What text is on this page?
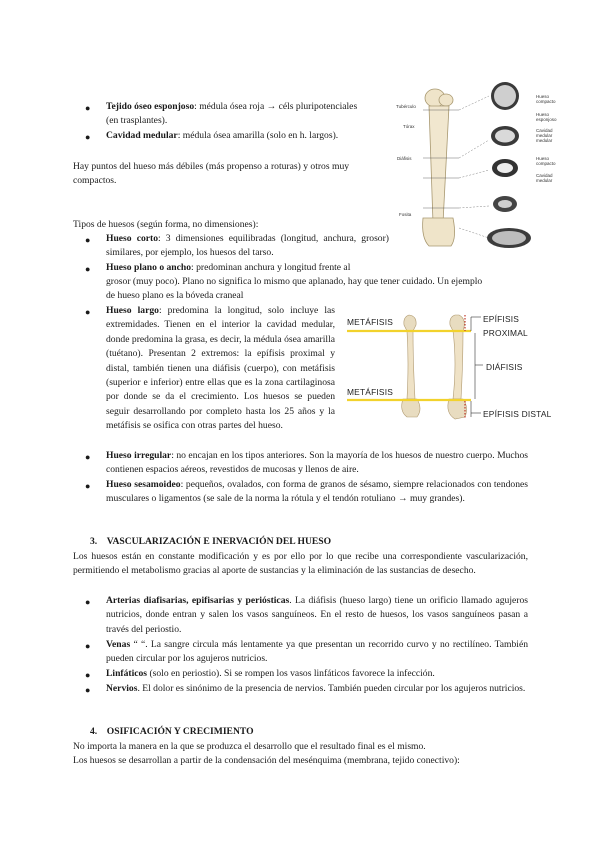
Tubérculo
Tórax
Diáfisis
Fosita
Hueso compacto
Hueso esponjoso
Cavidad medular medular
Hueso compacto
Cavidad medular
METÁFISIS
METÁFISIS
EPÍFISIS PROXIMAL
DIÁFISIS
EPÍFISIS DISTAL
● Tejido óseo esponjoso: médula ósea roja → céls pluripotenciales
(en trasplantes).
● Cavidad medular: médula ósea amarilla (solo en h. largos).
Hay puntos del hueso más débiles (más propenso a roturas) y otros muy compactos.
Tipos de huesos (según forma, no dimensiones):
● Hueso corto: 3 dimensiones equilibradas (longitud, anchura, grosor) similares, por ejemplo, los huesos del tarso.
● Hueso plano o ancho: predominan anchura y longitud frente al
grosor (muy poco). Plano no significa lo mismo que aplanado, hay que tener cuidado. Un ejemplo
de hueso plano es la bóveda craneal
● Hueso largo: predomina la longitud, solo incluye las extremidades. Tienen en el interior la cavidad medular, donde predomina la grasa, es decir, la médula ósea amarilla (tuétano). Presentan 2 extremos: la epífisis proximal y distal, también tienen una diáfisis (cuerpo), con metáfisis (superior e inferior) entre ellas que es la zona cartilaginosa por donde se da el crecimiento. Los huesos se pueden seguir desarrollando por completo hasta los 25 años y la metáfisis se osifica con otras partes del hueso.
● Hueso irregular: no encajan en los tipos anteriores. Son la mayoría de los huesos de nuestro cuerpo. Muchos contienen espacios aéreos, revestidos de mucosas y llenos de aire.
● Hueso sesamoideo: pequeños, ovalados, con forma de granos de sésamo, siempre relacionados con tendones musculares o ligamentos (se sale de la norma la rótula y el tendón rotuliano → muy grandes).
3. VASCULARIZACIÓN E INERVACIÓN DEL HUESO
Los huesos están en constante modificación y es por ello por lo que recibe una correspondiente vascularización, permitiendo el metabolismo gracias al aporte de sustancias y la eliminación de las sustancias de desecho.
● Arterias diafisarias, epifisarias y periósticas. La diáfisis (hueso largo) tiene un orificio llamado agujeros nutricios, donde entran y salen los vasos sanguíneos. En el resto de huesos, los vasos sanguíneos pasan a través del periostio.
● Venas “ “. La sangre circula más lentamente ya que presentan un recorrido curvo y no rectilíneo. También pueden circular por los agujeros nutricios.
● Linfáticos (solo en periostio). Si se rompen los vasos linfáticos favorece la infección.
● Nervios. El dolor es sinónimo de la presencia de nervios. También pueden circular por los agujeros nutricios.
4. OSIFICACIÓN Y CRECIMIENTO
No importa la manera en la que se produzca el desarrollo que el resultado final es el mismo.
Los huesos se desarrollan a partir de la condensación del mesénquima (membrana, tejido conectivo):
